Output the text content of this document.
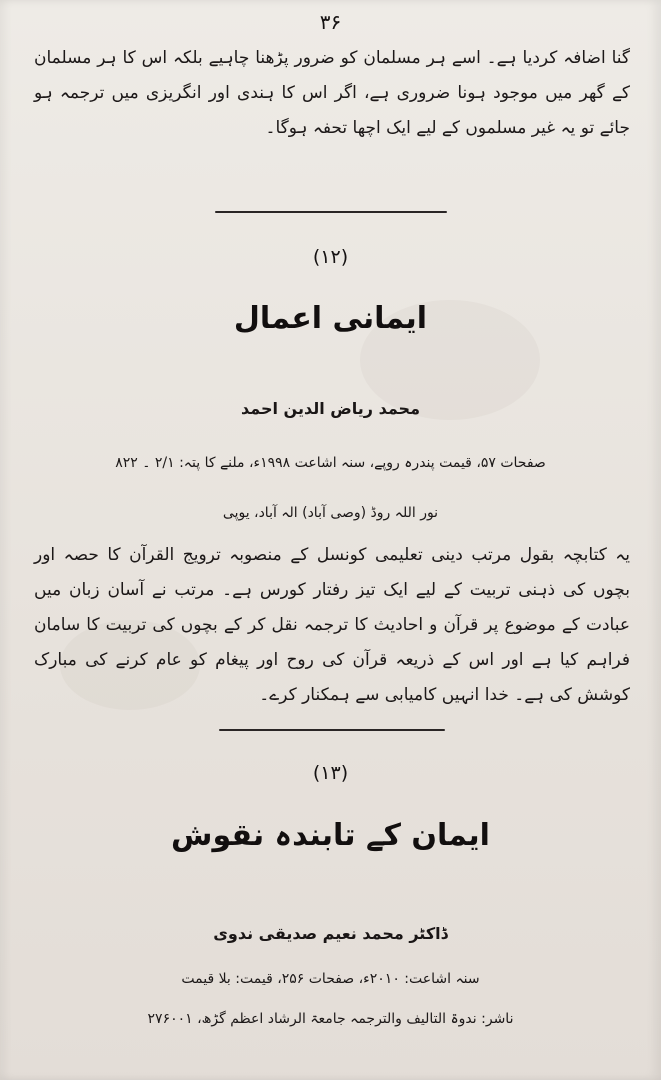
۳۶

گنا اضافہ کردیا ہے۔ اسے ہر مسلمان کو ضرور پڑھنا چاہیے بلکہ اس کا ہر مسلمان کے گھر میں موجود ہونا ضروری ہے، اگر اس کا ہندی اور انگریزی میں ترجمہ ہو جائے تو یہ غیر مسلموں کے لیے ایک اچھا تحفہ ہوگا۔

(۱۲)
ایمانی اعمال
محمد ریاض الدین احمد
صفحات ۵۷، قیمت پندرہ روپے، سنہ اشاعت ۱۹۹۸ء، ملنے کا پتہ: ۲/۱ ۔ ۸۲۲
نور اللہ روڈ (وصی آباد) الہ آباد، یوپی

یہ کتابچہ بقول مرتب دینی تعلیمی کونسل کے منصوبہ ترویج القرآن کا حصہ اور بچوں کی ذہنی تربیت کے لیے ایک تیز رفتار کورس ہے۔ مرتب نے آسان زبان میں عبادت کے موضوع پر قرآن و احادیث کا ترجمہ نقل کر کے بچوں کی تربیت کا سامان فراہم کیا ہے اور اس کے ذریعہ قرآن کی روح اور پیغام کو عام کرنے کی مبارک کوشش کی ہے۔ خدا انہیں کامیابی سے ہمکنار کرے۔

(۱۳)
ایمان کے تابندہ نقوش
ڈاکٹر محمد نعیم صدیقی ندوی
سنہ اشاعت: ۲۰۱۰ء، صفحات ۲۵۶، قیمت: بلا قیمت
ناشر: ندوۃ التالیف والترجمہ جامعۃ الرشاد اعظم گڑھ، ۲۷۶۰۰۱
